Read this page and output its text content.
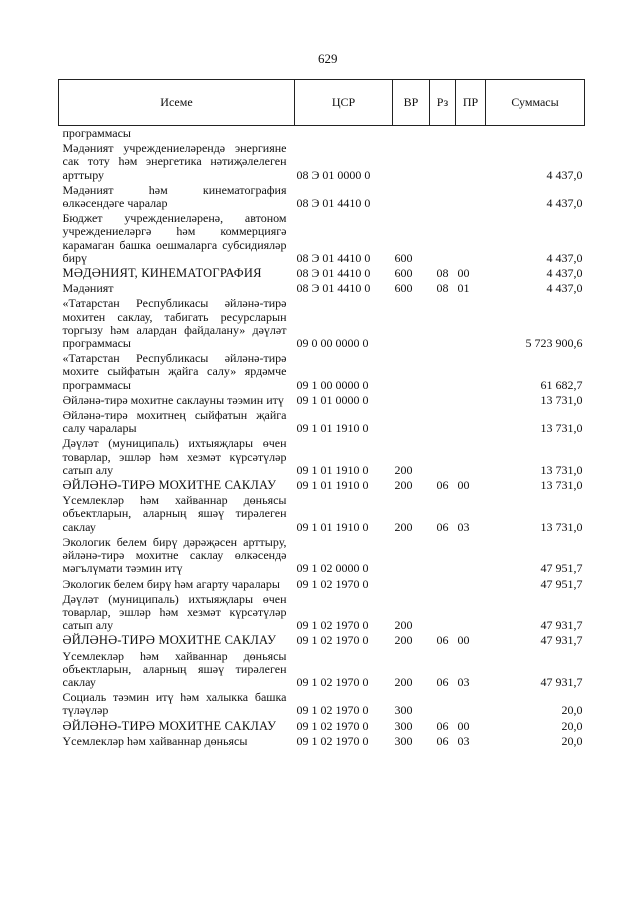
629
Исеме	ЦСР	ВР	Рз	ПР	Суммасы
программасы					
Мәдәният учреждениеләрендә энергияне сак тоту һәм энергетика нәтиҗәлелеген арттыру	08 Э 01 0000 0				4 437,0
Мәдәният һәм кинематография өлкәсендәге чаралар	08 Э 01 4410 0				4 437,0
Бюджет учреждениеләренә, автоном учреждениеләргә һәм коммерциягә карамаган башка оешмаларга субсидияләр бирү	08 Э 01 4410 0	600			4 437,0
МӘДӘНИЯТ, КИНЕМАТОГРАФИЯ	08 Э 01 4410 0	600	08	00	4 437,0
Мәдәният	08 Э 01 4410 0	600	08	01	4 437,0
«Татарстан Республикасы әйләнә-тирә мохитен саклау, табигать ресурсларын торгызу һәм алардан файдалану» дәүләт программасы	09 0 00 0000 0				5 723 900,6
«Татарстан Республикасы әйләнә-тирә мохите сыйфатын җайга салу» ярдәмче программасы	09 1 00 0000 0				61 682,7
Әйләнә-тирә мохитне саклауны тәэмин итү	09 1 01 0000 0				13 731,0
Әйләнә-тирә мохитнең сыйфатын җайга салу чаралары	09 1 01 1910 0				13 731,0
Дәүләт (муниципаль) ихтыяҗлары өчен товарлар, эшләр һәм хезмәт күрсәтүләр сатып алу	09 1 01 1910 0	200			13 731,0
ӘЙЛӘНӘ-ТИРӘ МОХИТНЕ САКЛАУ	09 1 01 1910 0	200	06	00	13 731,0
Үсемлекләр һәм хайваннар дөньясы объектларын, аларның яшәү тирәлеген саклау	09 1 01 1910 0	200	06	03	13 731,0
Экологик белем бирү дәрәҗәсен арттыру, әйләнә-тирә мохитне саклау өлкәсендә мәгълүмати тәэмин итү	09 1 02 0000 0				47 951,7
Экологик белем бирү һәм агарту чаралары	09 1 02 1970 0				47 951,7
Дәүләт (муниципаль) ихтыяҗлары өчен товарлар, эшләр һәм хезмәт күрсәтүләр сатып алу	09 1 02 1970 0	200			47 931,7
ӘЙЛӘНӘ-ТИРӘ МОХИТНЕ САКЛАУ	09 1 02 1970 0	200	06	00	47 931,7
Үсемлекләр һәм хайваннар дөньясы объектларын, аларның яшәү тирәлеген саклау	09 1 02 1970 0	200	06	03	47 931,7
Социаль тәэмин итү һәм халыкка башка түләүләр	09 1 02 1970 0	300			20,0
ӘЙЛӘНӘ-ТИРӘ МОХИТНЕ САКЛАУ	09 1 02 1970 0	300	06	00	20,0
Үсемлекләр һәм хайваннар дөньясы	09 1 02 1970 0	300	06	03	20,0
